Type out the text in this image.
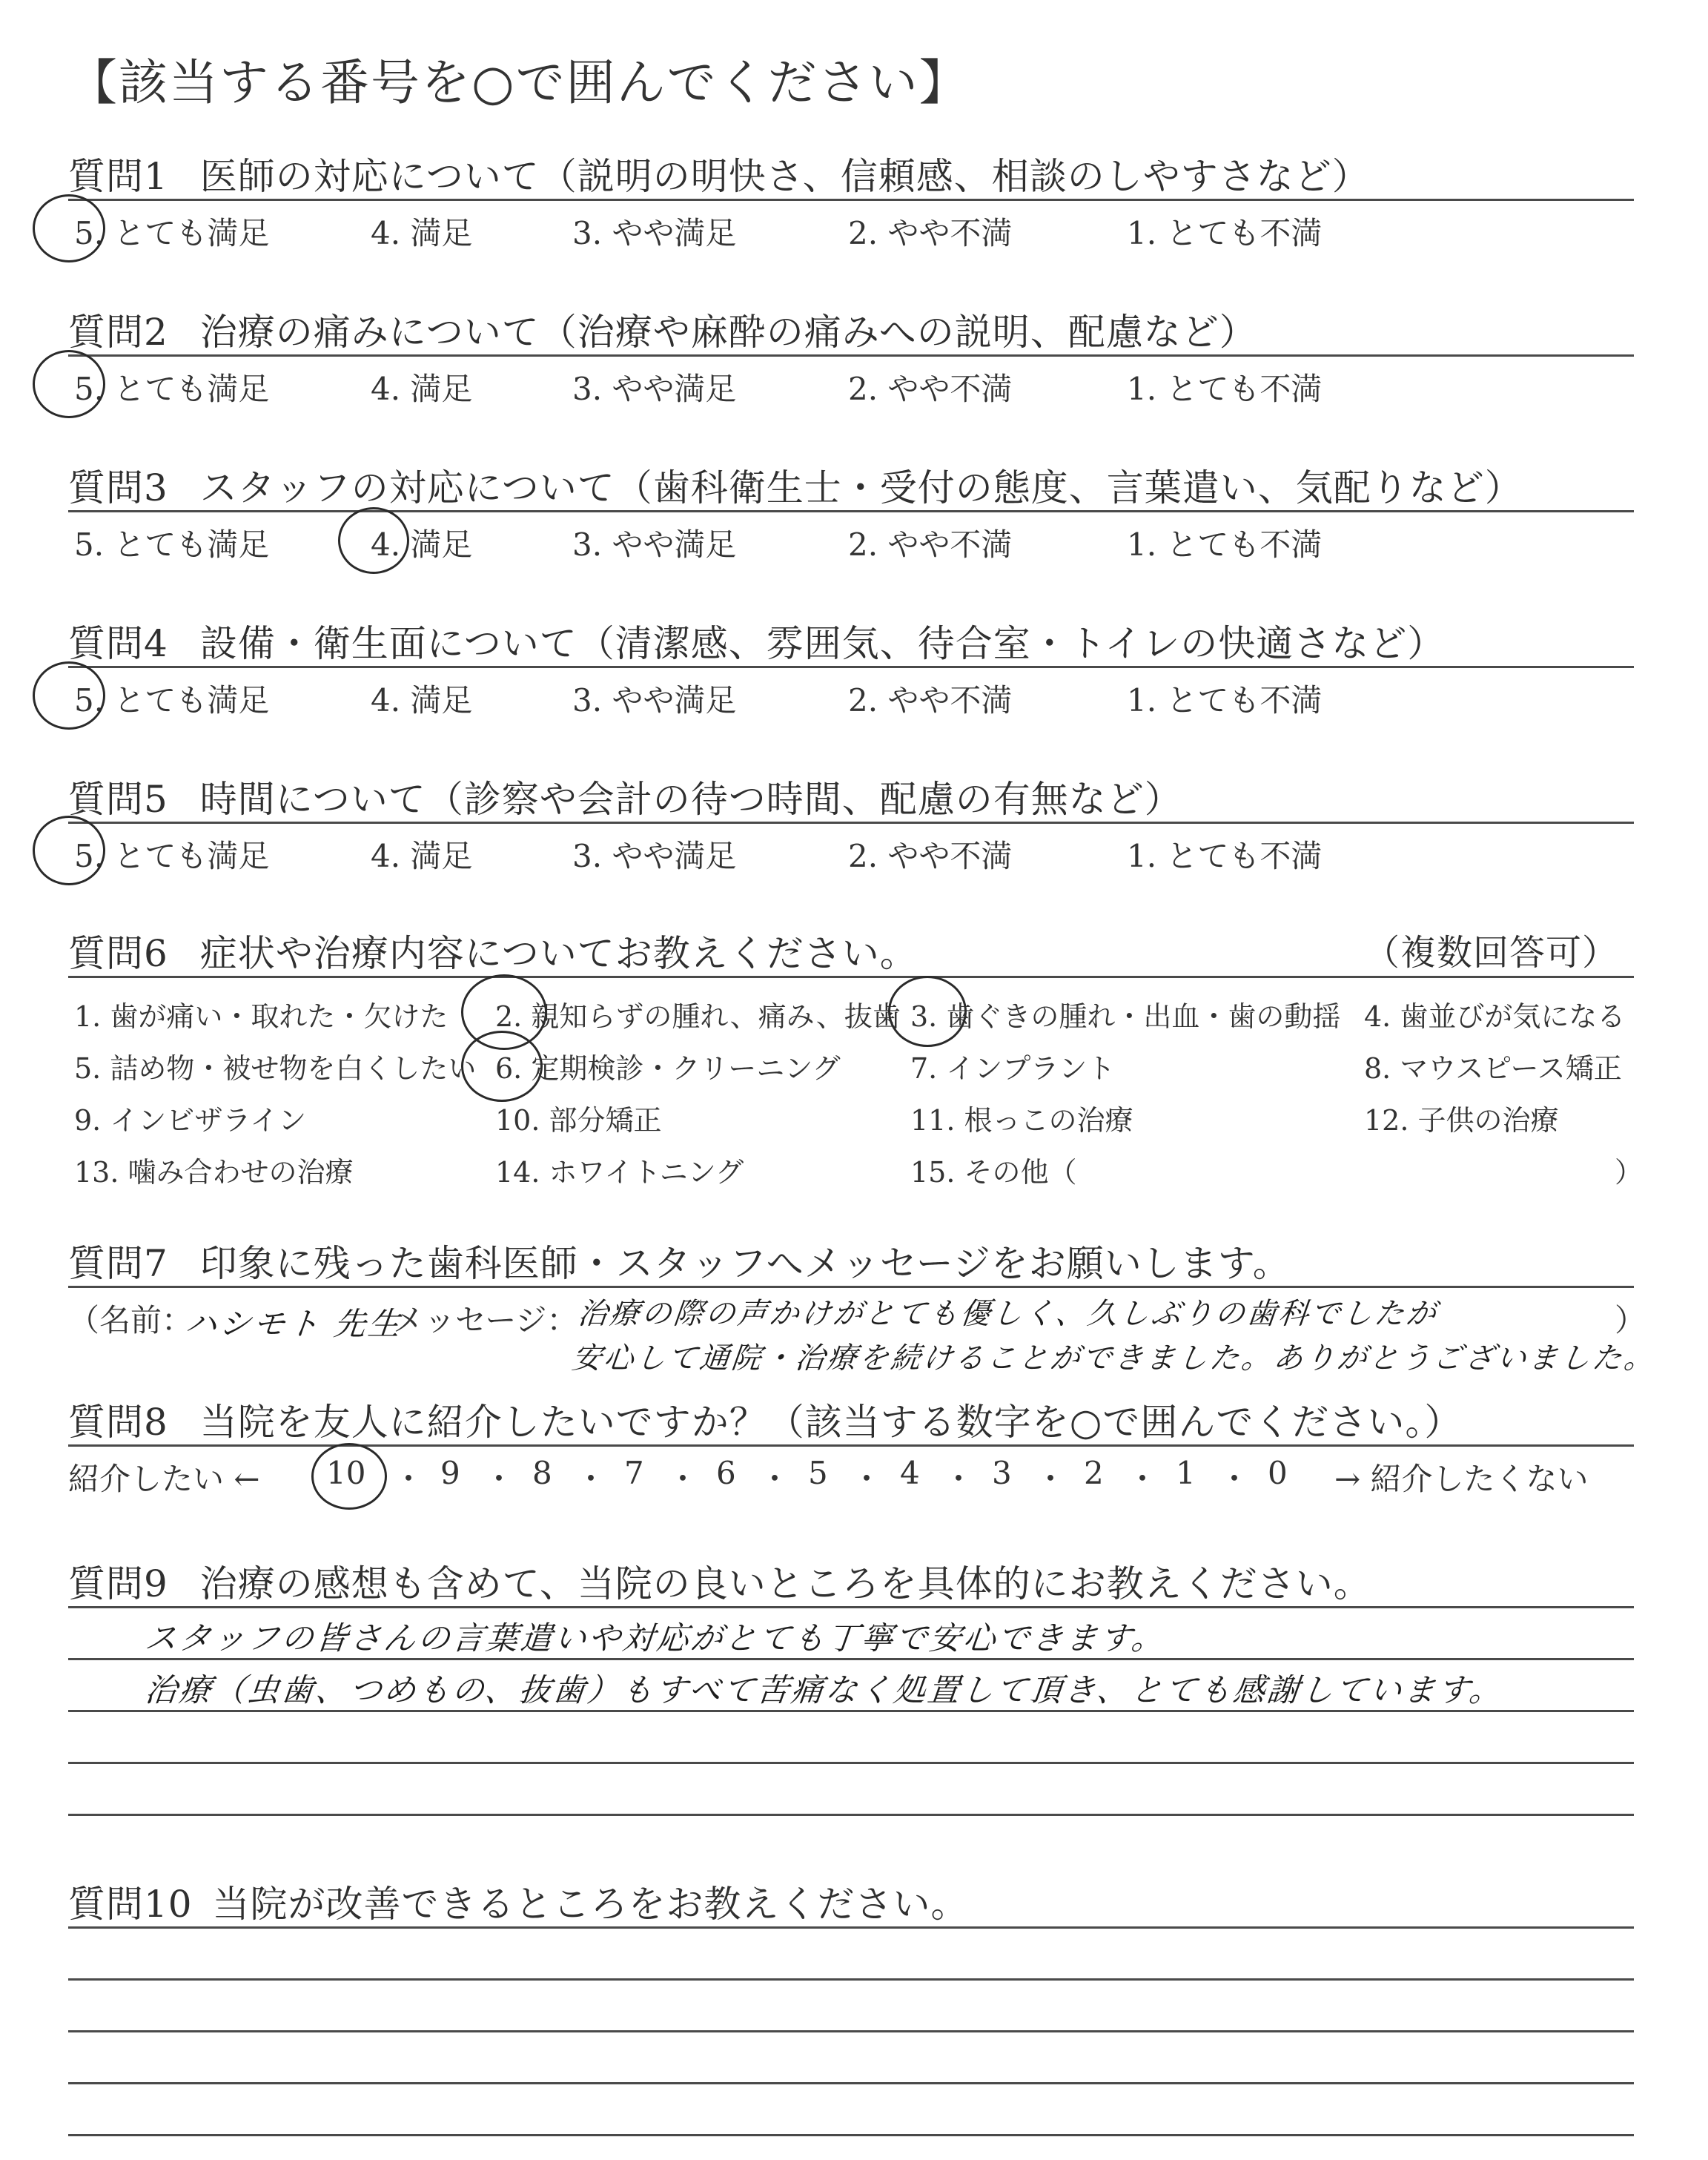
【該当する番号を○で囲んでください】
質問1 医師の対応について（説明の明快さ、信頼感、相談のしやすさなど）
5. とても満足	4. 満足	3. やや満足	2. やや不満	1. とても不満
質問2 治療の痛みについて（治療や麻酔の痛みへの説明、配慮など）
5. とても満足	4. 満足	3. やや満足	2. やや不満	1. とても不満
質問3 スタッフの対応について（歯科衛生士・受付の態度、言葉遣い、気配りなど）
5. とても満足	4. 満足	3. やや満足	2. やや不満	1. とても不満
質問4 設備・衛生面について（清潔感、雰囲気、待合室・トイレの快適さなど）
5. とても満足	4. 満足	3. やや満足	2. やや不満	1. とても不満
質問5 時間について（診察や会計の待つ時間、配慮の有無など）
5. とても満足	4. 満足	3. やや満足	2. やや不満	1. とても不満
質問6 症状や治療内容についてお教えください。	（複数回答可）
1. 歯が痛い・取れた・欠けた 2. 親知らずの腫れ、痛み、抜歯 3. 歯ぐきの腫れ・出血・歯の動揺 4. 歯並びが気になる
5. 詰め物・被せ物を白くしたい 6. 定期検診・クリーニング 7. インプラント	8. マウスピース矯正
9. インビザライン	10. 部分矯正	11. 根っこの治療	12. 子供の治療
13. 噛み合わせの治療	14. ホワイトニング	15. その他（	）
質問7 印象に残った歯科医師・スタッフへメッセージをお願いします。
（名前：
ハシモト 先生
メッセージ：
治療の際の声かけがとても優しく、久しぶりの歯科でしたが
安心して通院・治療を続けることができました。ありがとうございました。
）
質問8 当院を友人に紹介したいですか？（該当する数字を○で囲んでください。）
紹介したい ← 10 ・ 9 ・ 8 ・ 7 ・ 6 ・ 5 ・ 4 ・ 3 ・ 2 ・ 1 ・ 0 → 紹介したくない
質問9 治療の感想も含めて、当院の良いところを具体的にお教えください。
スタッフの皆さんの言葉遣いや対応がとても丁寧で安心できます。
治療（虫歯、つめもの、抜歯）もすべて苦痛なく処置して頂き、とても感謝しています。
質問10 当院が改善できるところをお教えください。
